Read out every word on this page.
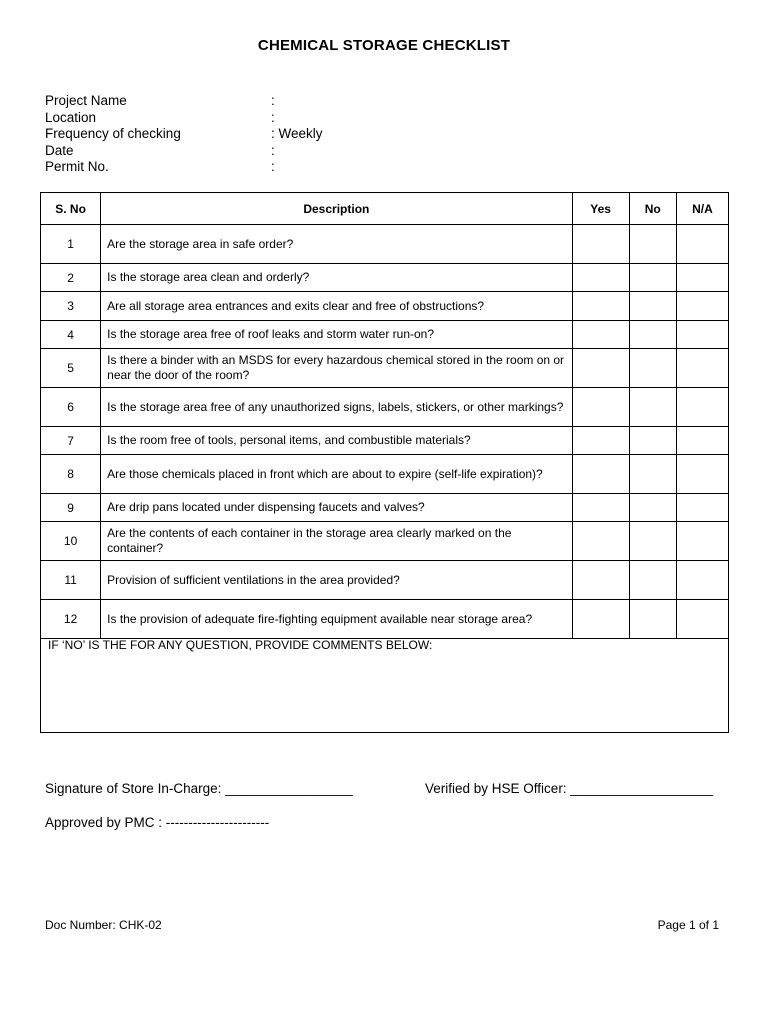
CHEMICAL STORAGE CHECKLIST
Project Name	:
Location	:
Frequency of checking	: Weekly
Date	:
Permit No.	:
S. No	Description	Yes	No	N/A
1	Are the storage area in safe order?			
2	Is the storage area clean and orderly?			
3	Are all storage area entrances and exits clear and free of obstructions?			
4	Is the storage area free of roof leaks and storm water run-on?			
5	Is there a binder with an MSDS for every hazardous chemical stored in the room on or near the door of the room?			
6	Is the storage area free of any unauthorized signs, labels, stickers, or other markings?			
7	Is the room free of tools, personal items, and combustible materials?			
8	Are those chemicals placed in front which are about to expire (self-life expiration)?			
9	Are drip pans located under dispensing faucets and valves?			
10	Are the contents of each container in the storage area clearly marked on the container?			
11	Provision of sufficient ventilations in the area provided?			
12	Is the provision of adequate fire-fighting equipment available near storage area?			
IF ‘NO’ IS THE FOR ANY QUESTION, PROVIDE COMMENTS BELOW:
Signature of Store In-Charge: _________________	Verified by HSE Officer: ___________________
Approved by PMC : -----------------------
Doc Number: CHK-02	Page 1 of 1
